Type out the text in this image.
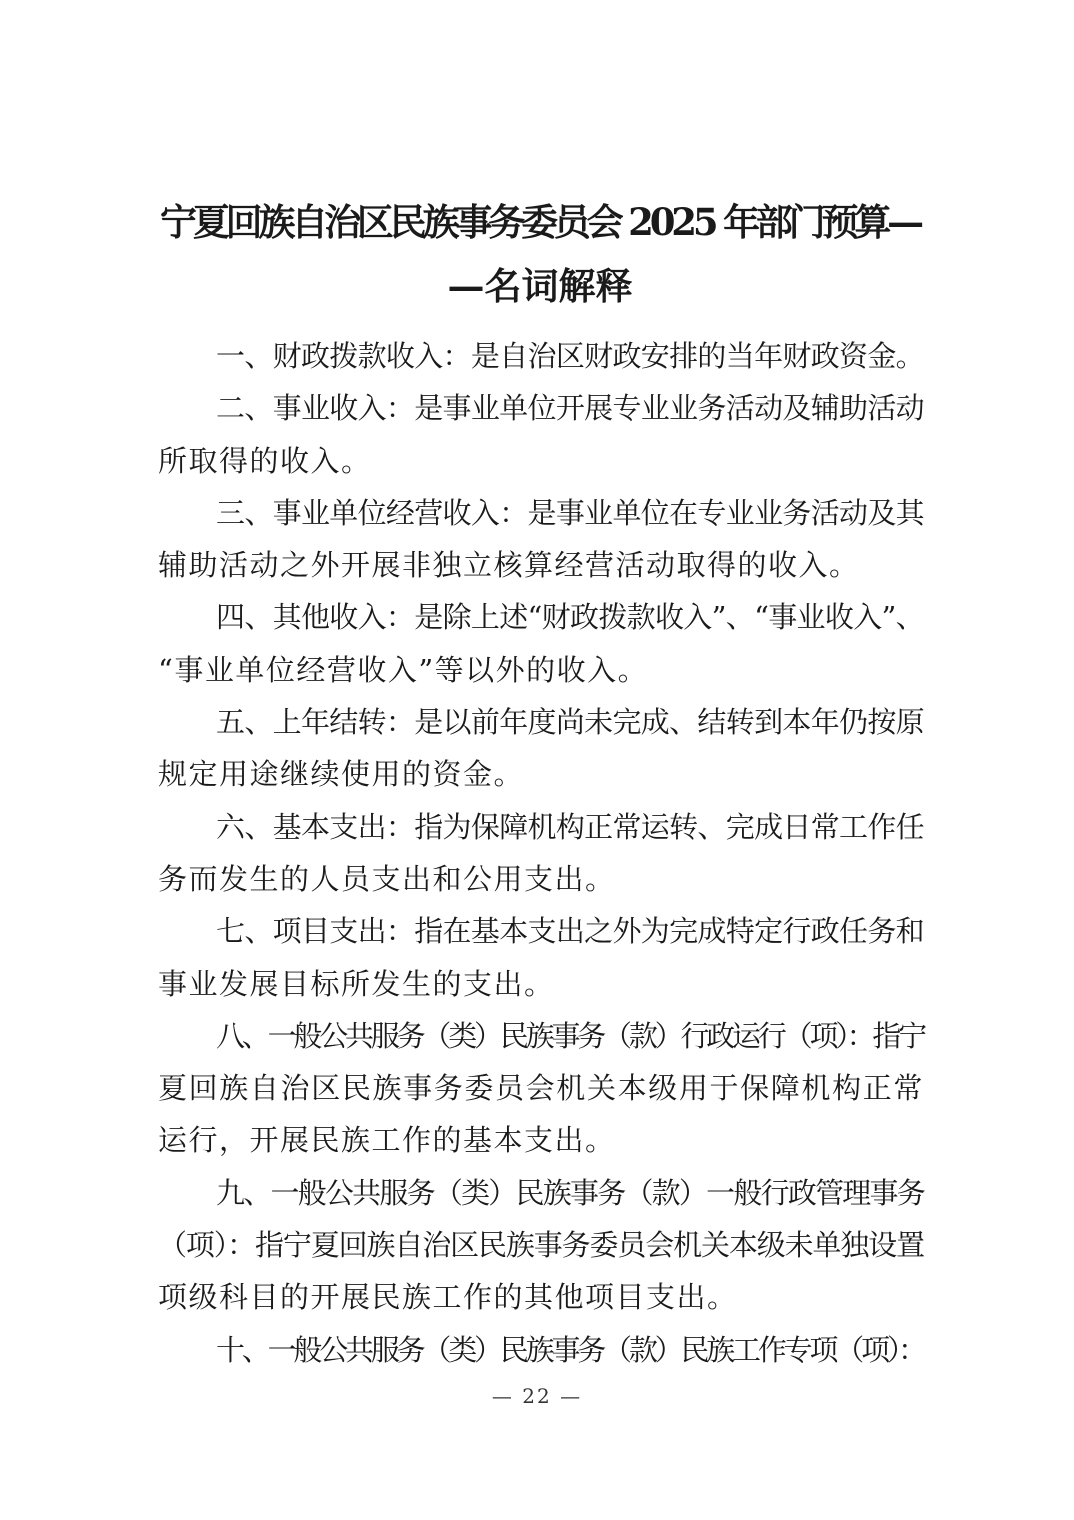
宁夏回族自治区民族事务委员会 2025 年部门预算—
—名词解释
一、财政拨款收入：是自治区财政安排的当年财政资金。
二、事业收入：是事业单位开展专业业务活动及辅助活动
所取得的收入。
三、事业单位经营收入：是事业单位在专业业务活动及其
辅助活动之外开展非独立核算经营活动取得的收入。
四、其他收入：是除上述“财政拨款收入”、“事业收入”、
“事业单位经营收入”等以外的收入。
五、上年结转：是以前年度尚未完成、结转到本年仍按原
规定用途继续使用的资金。
六、基本支出：指为保障机构正常运转、完成日常工作任
务而发生的人员支出和公用支出。
七、项目支出：指在基本支出之外为完成特定行政任务和
事业发展目标所发生的支出。
八、一般公共服务（类）民族事务（款）行政运行（项）：指宁
夏回族自治区民族事务委员会机关本级用于保障机构正常
运行，开展民族工作的基本支出。
九、一般公共服务（类）民族事务（款）一般行政管理事务
（项）：指宁夏回族自治区民族事务委员会机关本级未单独设置
项级科目的开展民族工作的其他项目支出。
十、一般公共服务（类）民族事务（款）民族工作专项（项）：
— 22 —
